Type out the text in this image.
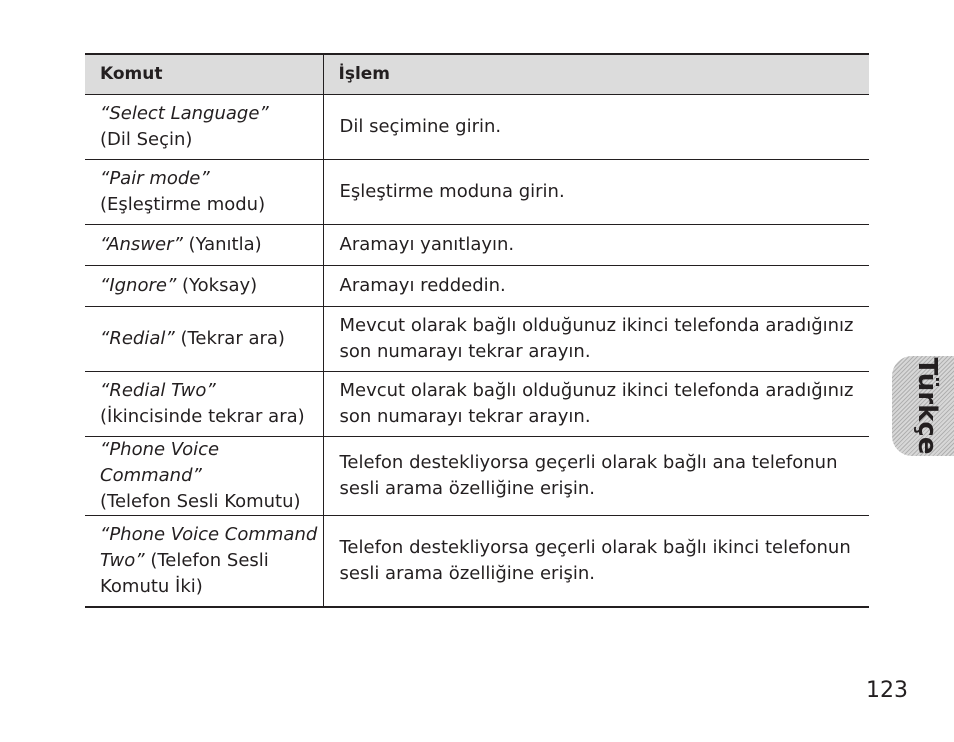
Komut	İşlem
“Select Language”
(Dil Seçin)	Dil seçimine girin.
“Pair mode”
(Eşleştirme modu)	Eşleştirme moduna girin.
“Answer” (Yanıtla)	Aramayı yanıtlayın.
“Ignore” (Yoksay)	Aramayı reddedin.
“Redial” (Tekrar ara)	Mevcut olarak bağlı olduğunuz ikinci telefonda aradığınız son numarayı tekrar arayın.
“Redial Two”
(İkincisinde tekrar ara)	Mevcut olarak bağlı olduğunuz ikinci telefonda aradığınız son numarayı tekrar arayın.
“Phone Voice Command”
(Telefon Sesli Komutu)	Telefon destekliyorsa geçerli olarak bağlı ana telefonun sesli arama özelliğine erişin.
“Phone Voice Command Two” (Telefon Sesli Komutu İki)	Telefon destekliyorsa geçerli olarak bağlı ikinci telefonun sesli arama özelliğine erişin.
Türkçe
123
